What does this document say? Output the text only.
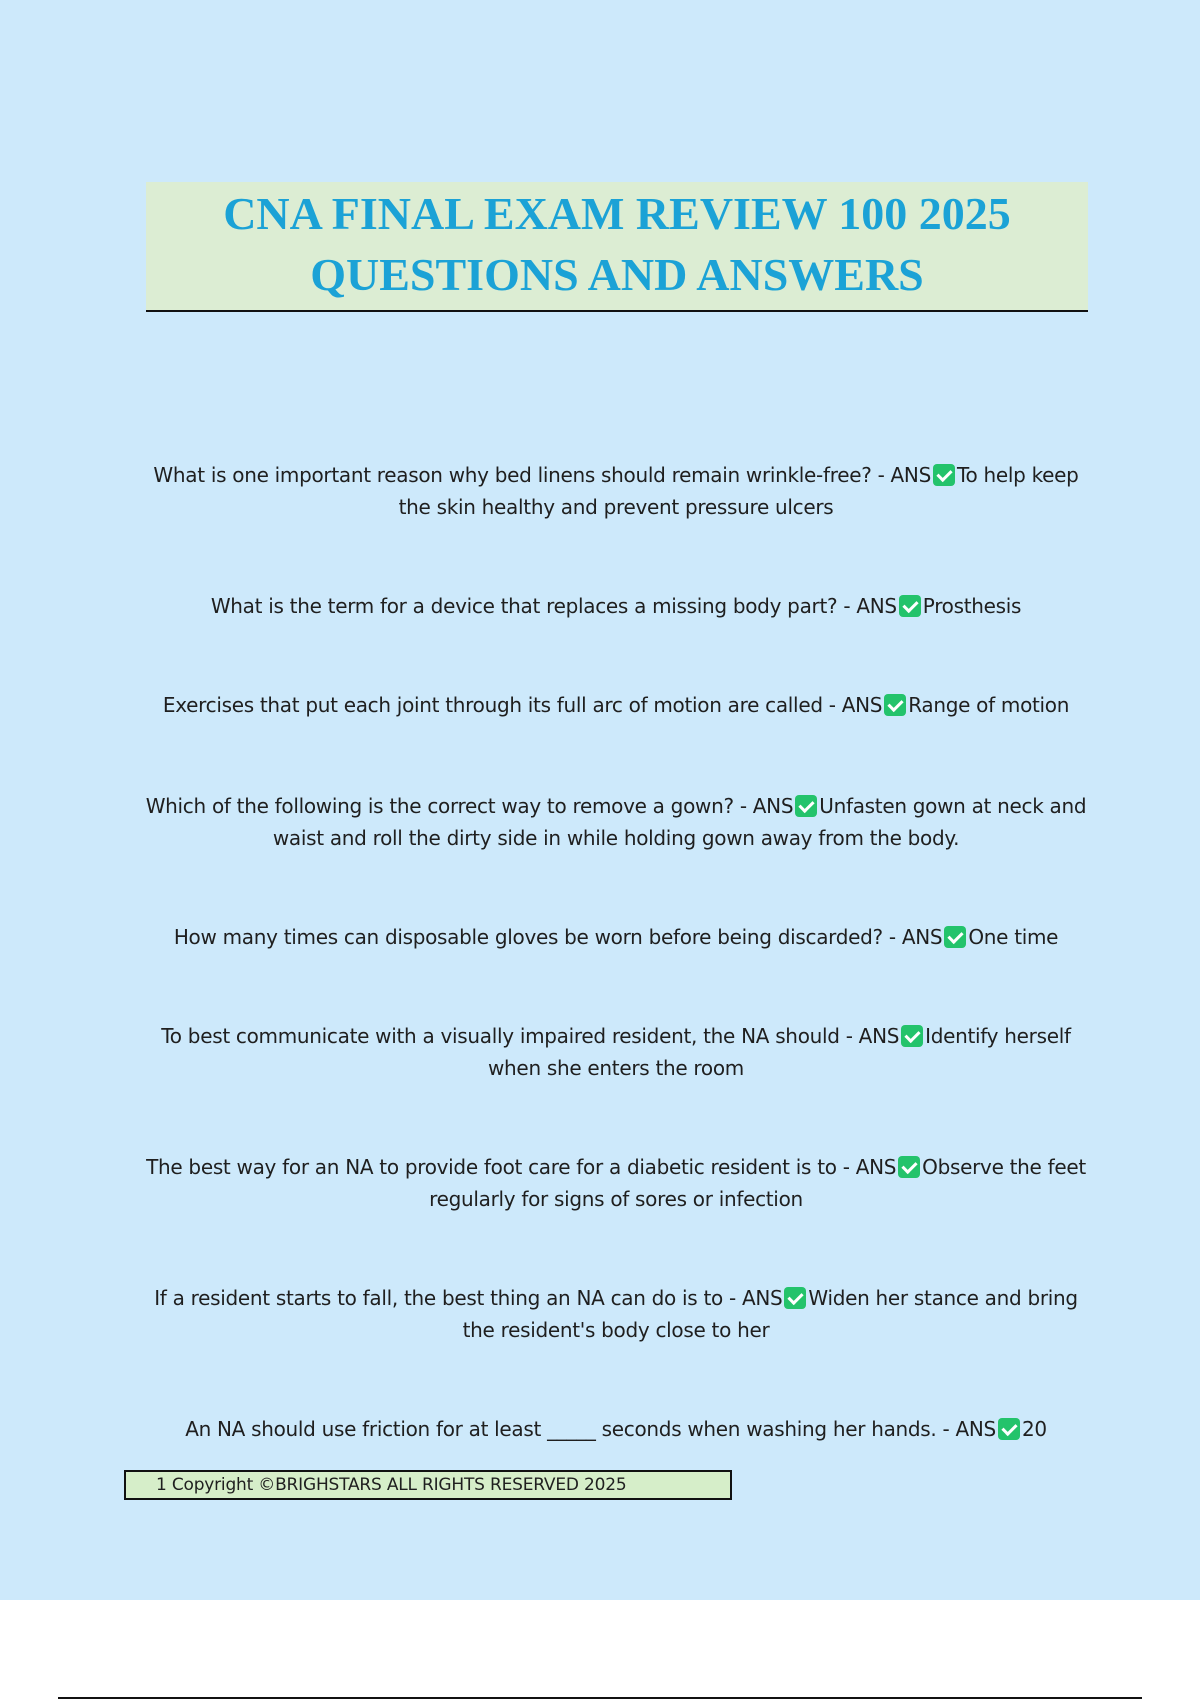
CNA FINAL EXAM REVIEW 100 2025
QUESTIONS AND ANSWERS
What is one important reason why bed linens should remain wrinkle-free? - ANS To help keep the skin healthy and prevent pressure ulcers
What is the term for a device that replaces a missing body part? - ANS Prosthesis
Exercises that put each joint through its full arc of motion are called - ANS Range of motion
Which of the following is the correct way to remove a gown? - ANS Unfasten gown at neck and waist and roll the dirty side in while holding gown away from the body.
How many times can disposable gloves be worn before being discarded? - ANS One time
To best communicate with a visually impaired resident, the NA should - ANS Identify herself when she enters the room
The best way for an NA to provide foot care for a diabetic resident is to - ANS Observe the feet regularly for signs of sores or infection
If a resident starts to fall, the best thing an NA can do is to - ANS Widen her stance and bring the resident's body close to her
An NA should use friction for at least _____ seconds when washing her hands. - ANS 20
1 Copyright ©BRIGHSTARS ALL RIGHTS RESERVED 2025
